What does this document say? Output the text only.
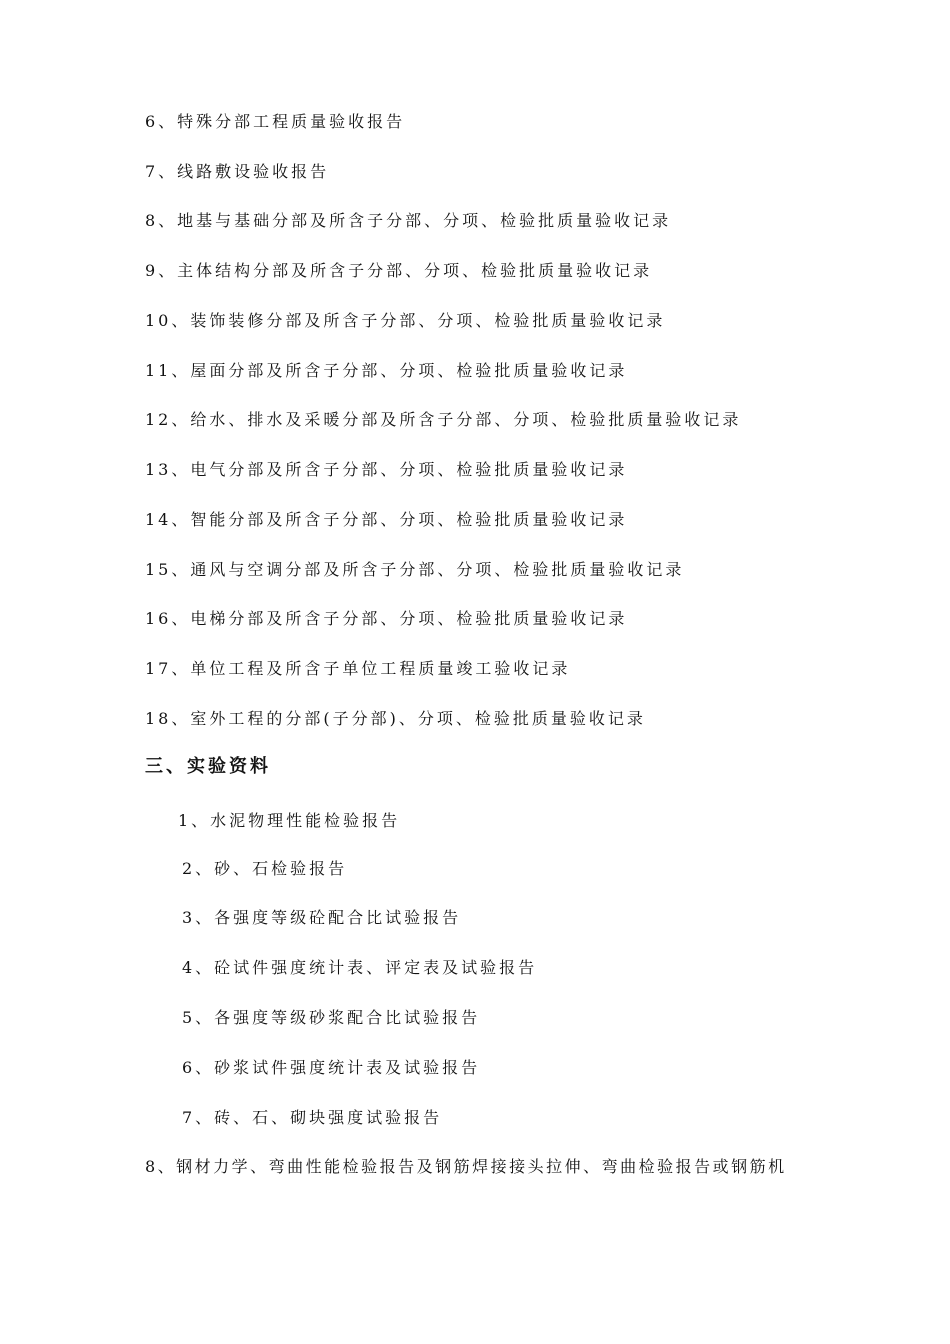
6、特殊分部工程质量验收报告
7、线路敷设验收报告
8、地基与基础分部及所含子分部、分项、检验批质量验收记录
9、主体结构分部及所含子分部、分项、检验批质量验收记录
10、装饰装修分部及所含子分部、分项、检验批质量验收记录
11、屋面分部及所含子分部、分项、检验批质量验收记录
12、给水、排水及采暖分部及所含子分部、分项、检验批质量验收记录
13、电气分部及所含子分部、分项、检验批质量验收记录
14、智能分部及所含子分部、分项、检验批质量验收记录
15、通风与空调分部及所含子分部、分项、检验批质量验收记录
16、电梯分部及所含子分部、分项、检验批质量验收记录
17、单位工程及所含子单位工程质量竣工验收记录
18、室外工程的分部(子分部)、分项、检验批质量验收记录
三、实验资料
1、水泥物理性能检验报告
2、砂、石检验报告
3、各强度等级砼配合比试验报告
4、砼试件强度统计表、评定表及试验报告
5、各强度等级砂浆配合比试验报告
6、砂浆试件强度统计表及试验报告
7、砖、石、砌块强度试验报告
8、钢材力学、弯曲性能检验报告及钢筋焊接接头拉伸、弯曲检验报告或钢筋机
